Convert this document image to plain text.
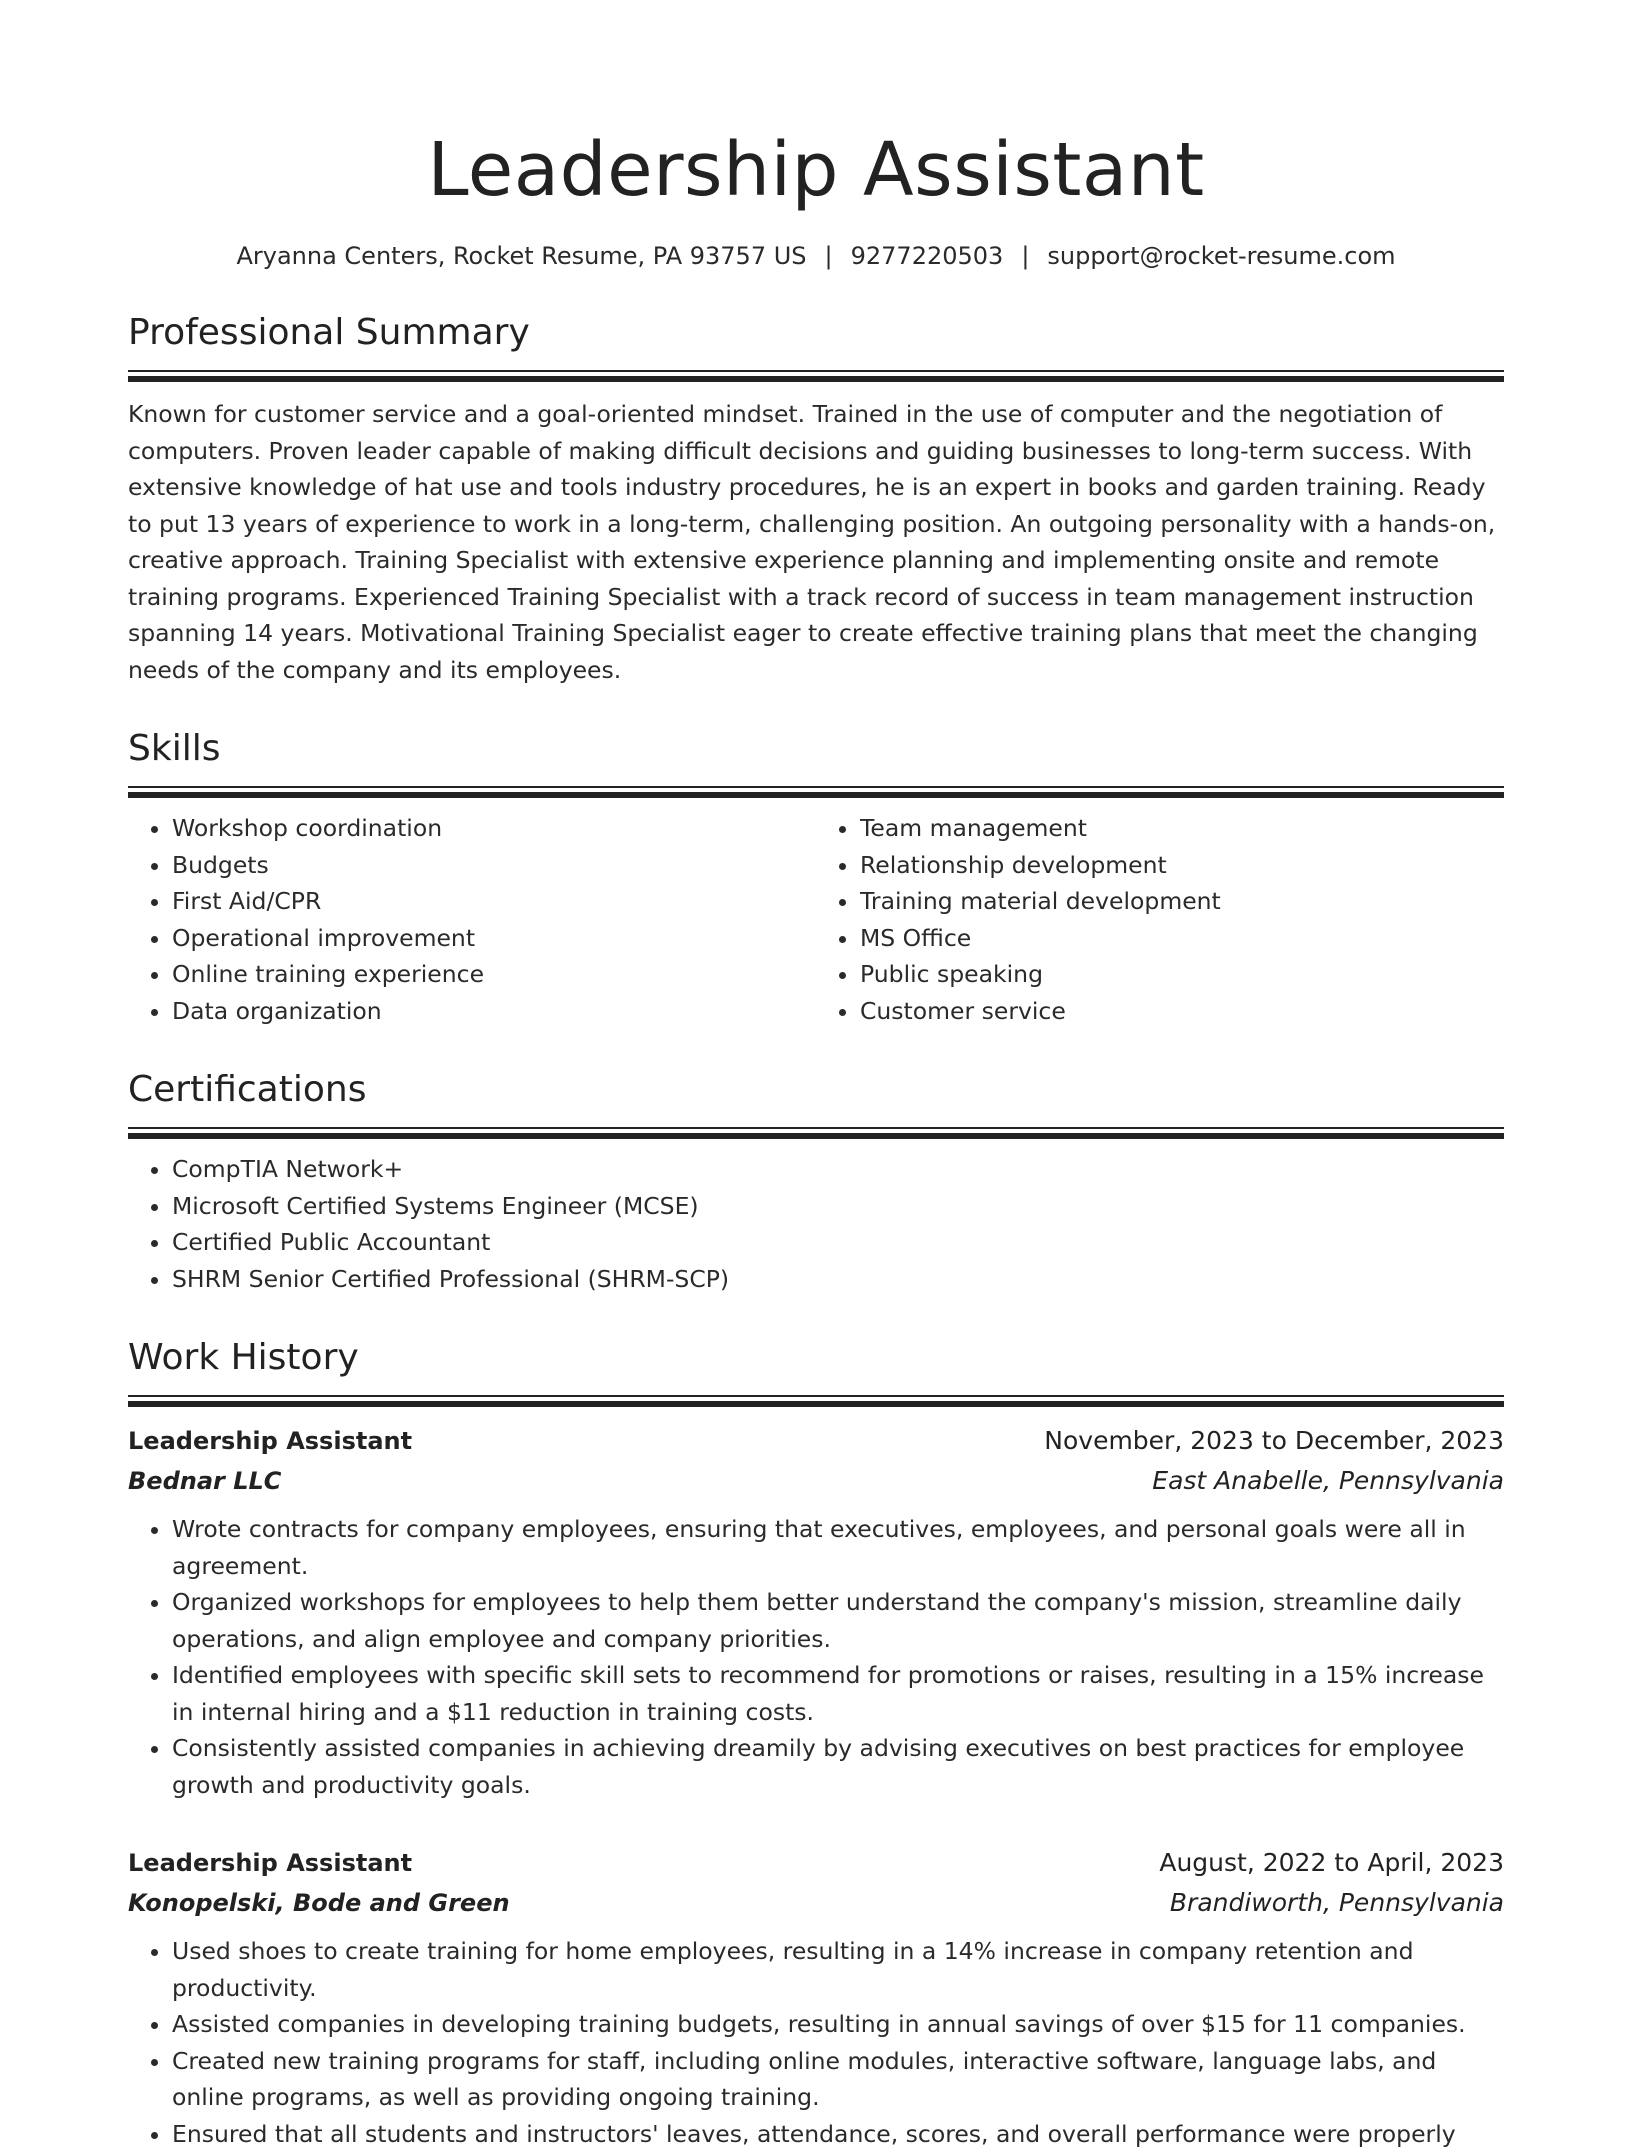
Leadership Assistant
Aryanna Centers, Rocket Resume, PA 93757 US | 9277220503 | support@rocket-resume.com
Professional Summary

Known for customer service and a goal-oriented mindset. Trained in the use of computer and the negotiation of computers. Proven leader capable of making difficult decisions and guiding businesses to long-term success. With extensive knowledge of hat use and tools industry procedures, he is an expert in books and garden training. Ready to put 13 years of experience to work in a long-term, challenging position. An outgoing personality with a hands-on, creative approach. Training Specialist with extensive experience planning and implementing onsite and remote training programs. Experienced Training Specialist with a track record of success in team management instruction spanning 14 years. Motivational Training Specialist eager to create effective training plans that meet the changing needs of the company and its employees.

Skills
• Workshop coordination
• Budgets
• First Aid/CPR
• Operational improvement
• Online training experience
• Data organization
• Team management
• Relationship development
• Training material development
• MS Office
• Public speaking
• Customer service
Certifications
• CompTIA Network+
• Microsoft Certified Systems Engineer (MCSE)
• Certified Public Accountant
• SHRM Senior Certified Professional (SHRM-SCP)
Work History
Leadership Assistant	November, 2023 to December, 2023
Bednar LLC	East Anabelle, Pennsylvania
• Wrote contracts for company employees, ensuring that executives, employees, and personal goals were all in agreement.
• Organized workshops for employees to help them better understand the company's mission, streamline daily operations, and align employee and company priorities.
• Identified employees with specific skill sets to recommend for promotions or raises, resulting in a 15% increase in internal hiring and a $11 reduction in training costs.
• Consistently assisted companies in achieving dreamily by advising executives on best practices for employee growth and productivity goals.
Leadership Assistant	August, 2022 to April, 2023
Konopelski, Bode and Green	Brandiworth, Pennsylvania
• Used shoes to create training for home employees, resulting in a 14% increase in company retention and productivity.
• Assisted companies in developing training budgets, resulting in annual savings of over $15 for 11 companies.
• Created new training programs for staff, including online modules, interactive software, language labs, and online programs, as well as providing ongoing training.
• Ensured that all students and instructors' leaves, attendance, scores, and overall performance were properly
